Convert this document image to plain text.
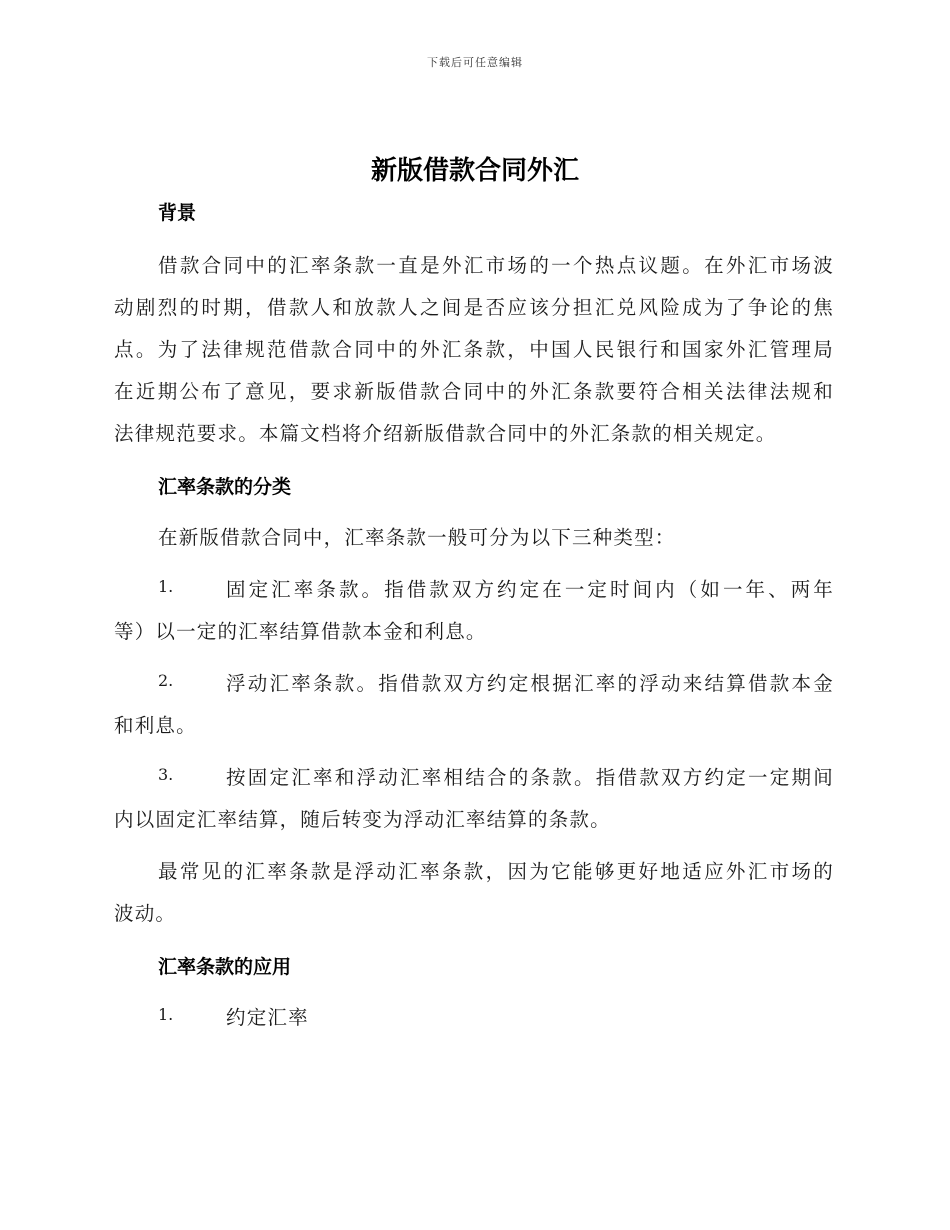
下载后可任意编辑
新版借款合同外汇
背景
借款合同中的汇率条款一直是外汇市场的一个热点议题。在外汇市场波
动剧烈的时期，借款人和放款人之间是否应该分担汇兑风险成为了争论的焦
点。为了法律规范借款合同中的外汇条款，中国人民银行和国家外汇管理局
在近期公布了意见，要求新版借款合同中的外汇条款要符合相关法律法规和
法律规范要求。本篇文档将介绍新版借款合同中的外汇条款的相关规定。
汇率条款的分类
在新版借款合同中，汇率条款一般可分为以下三种类型：
1.	固定汇率条款。指借款双方约定在一定时间内（如一年、两年
等）以一定的汇率结算借款本金和利息。
2.	浮动汇率条款。指借款双方约定根据汇率的浮动来结算借款本金
和利息。
3.	按固定汇率和浮动汇率相结合的条款。指借款双方约定一定期间
内以固定汇率结算，随后转变为浮动汇率结算的条款。
最常见的汇率条款是浮动汇率条款，因为它能够更好地适应外汇市场的
波动。
汇率条款的应用
1.	约定汇率
